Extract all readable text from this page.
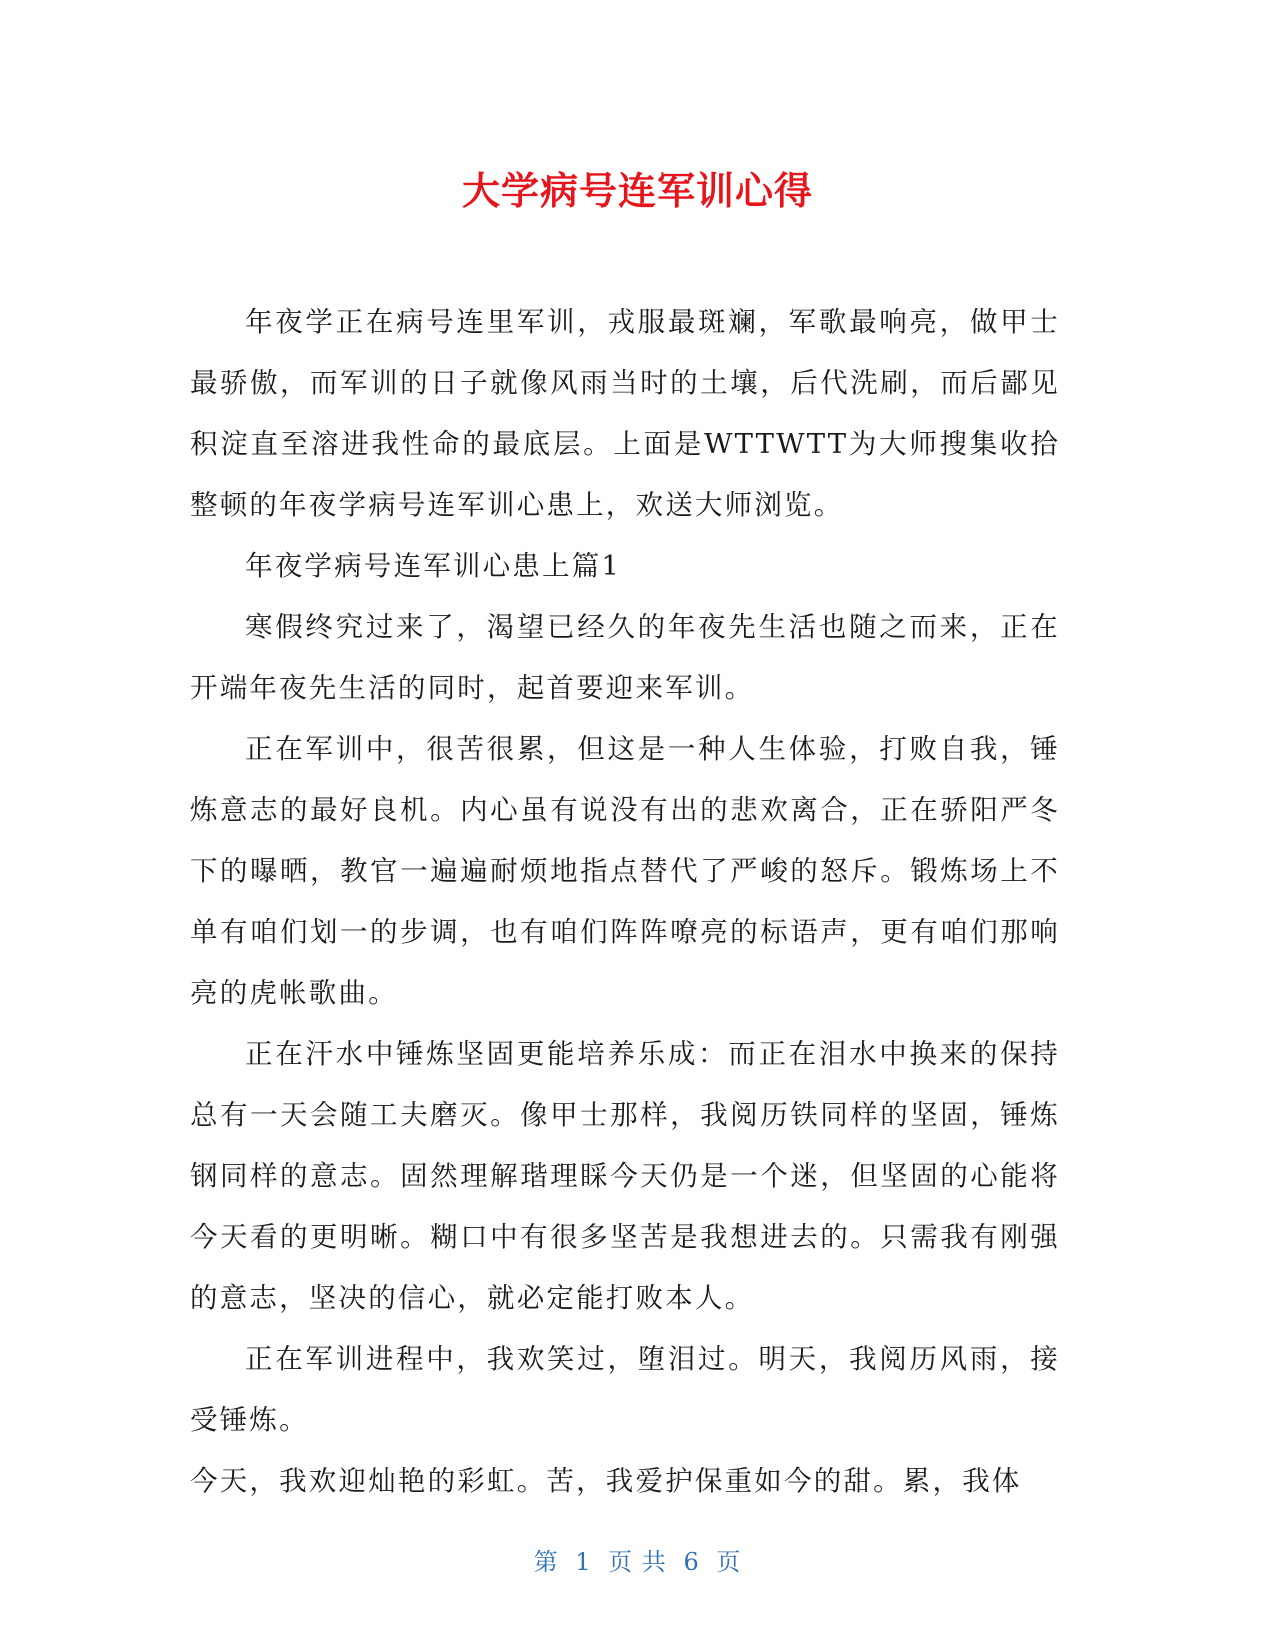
大学病号连军训心得

年夜学正在病号连里军训，戎服最斑斓，军歌最响亮，做甲士最骄傲，而军训的日子就像风雨当时的土壤，后代洗刷，而后鄙见积淀直至溶进我性命的最底层。上面是WTTWTT为大师搜集收拾整顿的年夜学病号连军训心患上，欢送大师浏览。

年夜学病号连军训心患上篇1

寒假终究过来了，渴望已经久的年夜先生活也随之而来，正在开端年夜先生活的同时，起首要迎来军训。

正在军训中，很苦很累，但这是一种人生体验，打败自我，锤炼意志的最好良机。内心虽有说没有出的悲欢离合，正在骄阳严冬下的曝晒，教官一遍遍耐烦地指点替代了严峻的怒斥。锻炼场上不单有咱们划一的步调，也有咱们阵阵嘹亮的标语声，更有咱们那响亮的虎帐歌曲。

正在汗水中锤炼坚固更能培养乐成：而正在泪水中换来的保持总有一天会随工夫磨灭。像甲士那样，我阅历铁同样的坚固，锤炼钢同样的意志。固然理解瑎理睬今天仍是一个迷，但坚固的心能将今天看的更明晰。糊口中有很多坚苦是我想进去的。只需我有刚强的意志，坚决的信心，就必定能打败本人。

正在军训进程中，我欢笑过，堕泪过。明天，我阅历风雨，接受锤炼。

今天，我欢迎灿艳的彩虹。苦，我爱护保重如今的甜。累，我体

第 1 页 共 6 页
